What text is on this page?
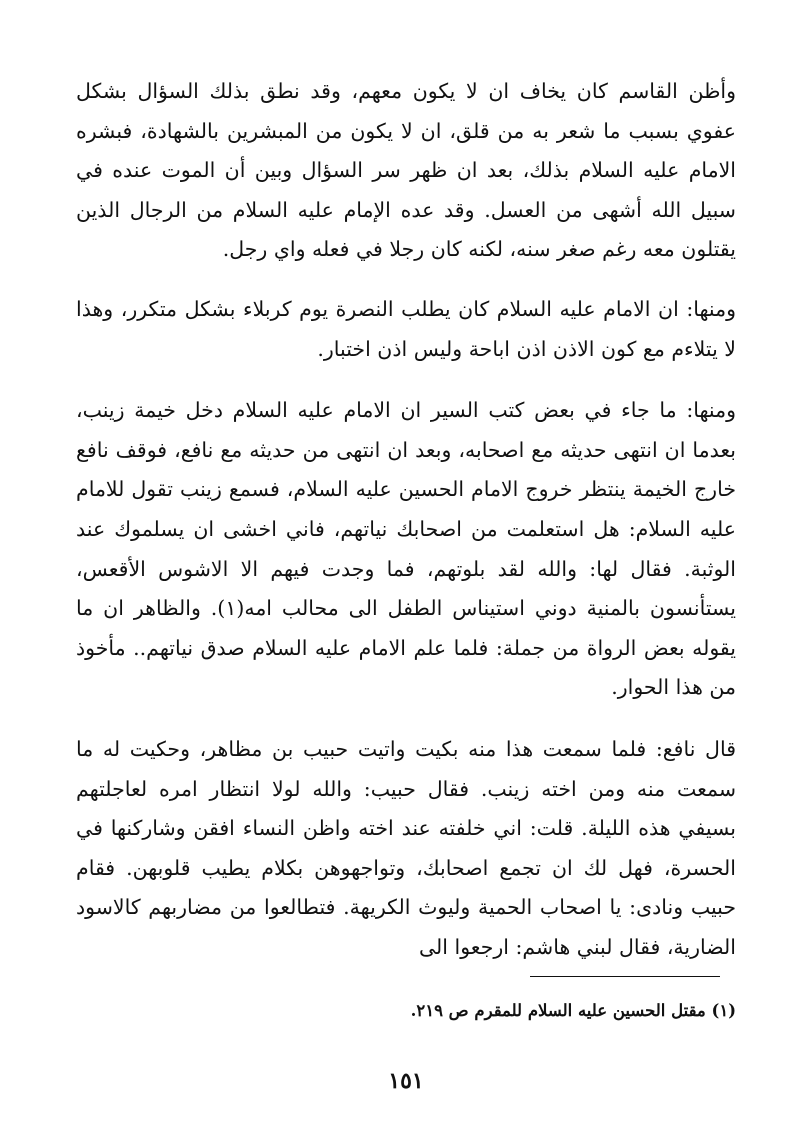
وأظن القاسم كان يخاف ان لا يكون معهم، وقد نطق بذلك السؤال بشكل عفوي بسبب ما شعر به من قلق، ان لا يكون من المبشرين بالشهادة، فبشره الامام عليه السلام بذلك، بعد ان ظهر سر السؤال وبين أن الموت عنده في سبيل الله أشهى من العسل. وقد عده الإمام عليه السلام من الرجال الذين يقتلون معه رغم صغر سنه، لكنه كان رجلا في فعله واي رجل.

ومنها: ان الامام عليه السلام كان يطلب النصرة يوم كربلاء بشكل متكرر، وهذا لا يتلاءم مع كون الاذن اذن اباحة وليس اذن اختبار.

ومنها: ما جاء في بعض كتب السير ان الامام عليه السلام دخل خيمة زينب، بعدما ان انتهى حديثه مع اصحابه، وبعد ان انتهى من حديثه مع نافع، فوقف نافع خارج الخيمة ينتظر خروج الامام الحسين عليه السلام، فسمع زينب تقول للامام عليه السلام: هل استعلمت من اصحابك نياتهم، فاني اخشى ان يسلموك عند الوثبة. فقال لها: والله لقد بلوتهم، فما وجدت فيهم الا الاشوس الأقعس، يستأنسون بالمنية دوني استيناس الطفل الى محالب امه(١). والظاهر ان ما يقوله بعض الرواة من جملة: فلما علم الامام عليه السلام صدق نياتهم.. مأخوذ من هذا الحوار.

قال نافع: فلما سمعت هذا منه بكيت واتيت حبيب بن مظاهر، وحكيت له ما سمعت منه ومن اخته زينب. فقال حبيب: والله لولا انتظار امره لعاجلتهم بسيفي هذه الليلة. قلت: اني خلفته عند اخته واظن النساء افقن وشاركنها في الحسرة، فهل لك ان تجمع اصحابك، وتواجهوهن بكلام يطيب قلوبهن. فقام حبيب ونادى: يا اصحاب الحمية وليوث الكريهة. فتطالعوا من مضاربهم كالاسود الضارية، فقال لبني هاشم: ارجعوا الى

(١) مقتل الحسين عليه السلام للمقرم ص ٢١٩.
١٥١
